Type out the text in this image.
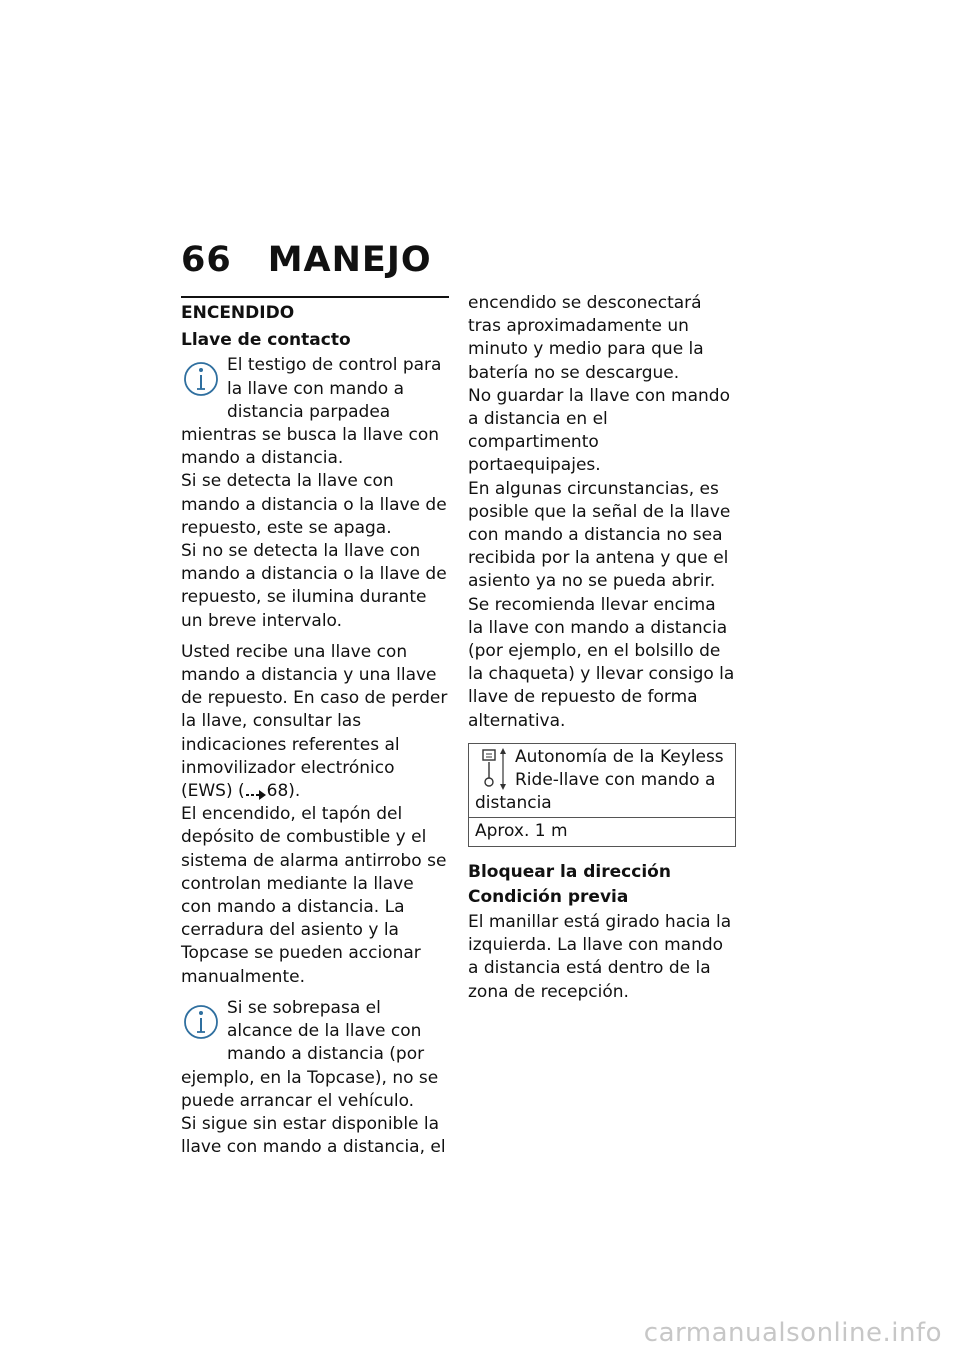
66 MANEJO
ENCENDIDO
Llave de contacto

El testigo de control para la llave con mando a distancia parpadea mientras se busca la llave con mando a distancia.

Si se detecta la llave con mando a distancia o la llave de repuesto, este se apaga.

Si no se detecta la llave con mando a distancia o la llave de repuesto, se ilumina durante un breve intervalo.

Usted recibe una llave con mando a distancia y una llave de repuesto. En caso de perder la llave, consultar las indicaciones referentes al inmovilizador electrónico (EWS) ( 68).

El encendido, el tapón del depósito de combustible y el sistema de alarma antirrobo se controlan mediante la llave con mando a distancia. La cerradura del asiento y la Topcase se pueden accionar manualmente.

Si se sobrepasa el alcance de la llave con mando a distancia (por ejemplo, en la Topcase), no se puede arrancar el vehículo.

Si sigue sin estar disponible la llave con mando a distancia, el

encendido se desconectará tras aproximadamente un minuto y medio para que la batería no se descargue.

No guardar la llave con mando a distancia en el compartimento portaequipajes.

En algunas circunstancias, es posible que la señal de la llave con mando a distancia no sea recibida por la antena y que el asiento ya no se pueda abrir.

Se recomienda llevar encima la llave con mando a distancia (por ejemplo, en el bolsillo de la chaqueta) y llevar consigo la llave de repuesto de forma alternativa.

Autonomía de la Keyless Ride-llave con mando a distancia
Aprox. 1 m
Bloquear la dirección
Condición previa

El manillar está girado hacia la izquierda. La llave con mando a distancia está dentro de la zona de recepción.

carmanualsonline.info
